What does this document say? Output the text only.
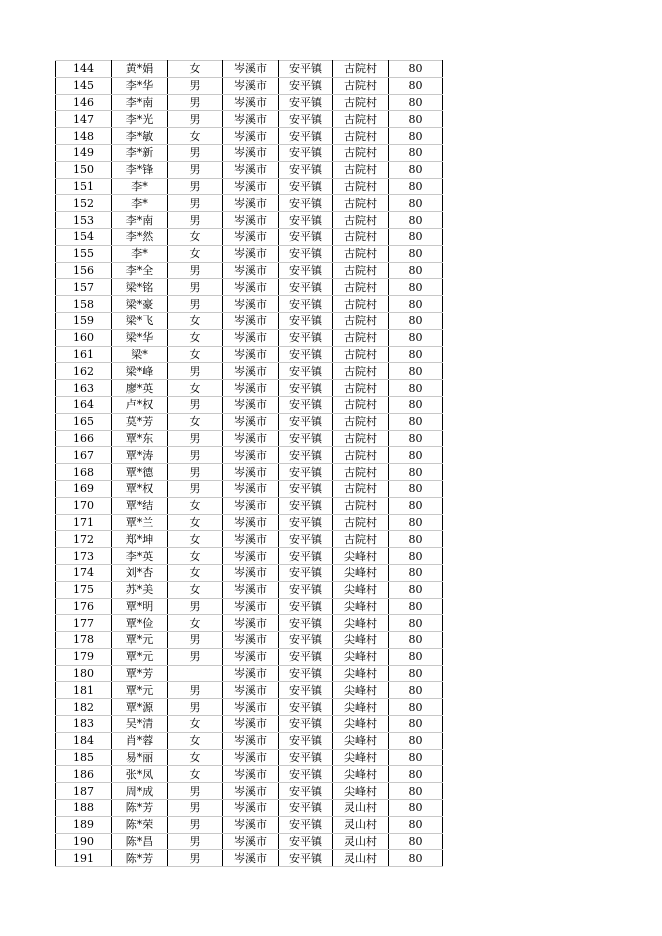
144	黄*娟	女	岑溪市	安平镇	古院村	80
145	李*华	男	岑溪市	安平镇	古院村	80
146	李*南	男	岑溪市	安平镇	古院村	80
147	李*光	男	岑溪市	安平镇	古院村	80
148	李*敏	女	岑溪市	安平镇	古院村	80
149	李*新	男	岑溪市	安平镇	古院村	80
150	李*锋	男	岑溪市	安平镇	古院村	80
151	李*	男	岑溪市	安平镇	古院村	80
152	李*	男	岑溪市	安平镇	古院村	80
153	李*南	男	岑溪市	安平镇	古院村	80
154	李*然	女	岑溪市	安平镇	古院村	80
155	李*	女	岑溪市	安平镇	古院村	80
156	李*全	男	岑溪市	安平镇	古院村	80
157	梁*铭	男	岑溪市	安平镇	古院村	80
158	梁*豪	男	岑溪市	安平镇	古院村	80
159	梁*飞	女	岑溪市	安平镇	古院村	80
160	梁*华	女	岑溪市	安平镇	古院村	80
161	梁*	女	岑溪市	安平镇	古院村	80
162	梁*峰	男	岑溪市	安平镇	古院村	80
163	廖*英	女	岑溪市	安平镇	古院村	80
164	卢*权	男	岑溪市	安平镇	古院村	80
165	莫*芳	女	岑溪市	安平镇	古院村	80
166	覃*东	男	岑溪市	安平镇	古院村	80
167	覃*涛	男	岑溪市	安平镇	古院村	80
168	覃*德	男	岑溪市	安平镇	古院村	80
169	覃*权	男	岑溪市	安平镇	古院村	80
170	覃*结	女	岑溪市	安平镇	古院村	80
171	覃*兰	女	岑溪市	安平镇	古院村	80
172	郑*坤	女	岑溪市	安平镇	古院村	80
173	李*英	女	岑溪市	安平镇	尖峰村	80
174	刘*杏	女	岑溪市	安平镇	尖峰村	80
175	苏*美	女	岑溪市	安平镇	尖峰村	80
176	覃*明	男	岑溪市	安平镇	尖峰村	80
177	覃*俭	女	岑溪市	安平镇	尖峰村	80
178	覃*元	男	岑溪市	安平镇	尖峰村	80
179	覃*元	男	岑溪市	安平镇	尖峰村	80
180	覃*芳		岑溪市	安平镇	尖峰村	80
181	覃*元	男	岑溪市	安平镇	尖峰村	80
182	覃*源	男	岑溪市	安平镇	尖峰村	80
183	吴*清	女	岑溪市	安平镇	尖峰村	80
184	肖*蓉	女	岑溪市	安平镇	尖峰村	80
185	易*丽	女	岑溪市	安平镇	尖峰村	80
186	张*凤	女	岑溪市	安平镇	尖峰村	80
187	周*成	男	岑溪市	安平镇	尖峰村	80
188	陈*芳	男	岑溪市	安平镇	灵山村	80
189	陈*荣	男	岑溪市	安平镇	灵山村	80
190	陈*昌	男	岑溪市	安平镇	灵山村	80
191	陈*芳	男	岑溪市	安平镇	灵山村	80
